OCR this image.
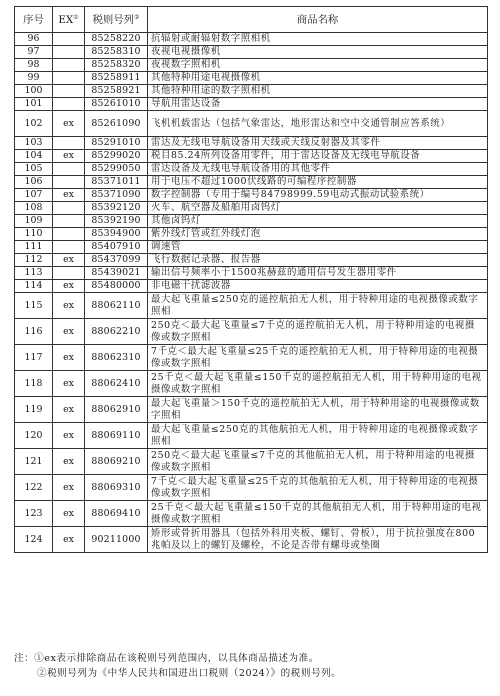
序号	EX①	税则号列②	商品名称
96		85258220	抗辐射或耐辐射数字照相机
97		85258310	夜视电视摄像机
98		85258320	夜视数字照相机
99		85258911	其他特种用途电视摄像机
100		85258921	其他特种用途的数字照相机
101		85261010	导航用雷达设备
102	ex	85261090	飞机机载雷达（包括气象雷达，地形雷达和空中交通管制应答系统）
103		85291010	雷达及无线电导航设备用天线或天线反射器及其零件
104	ex	85299020	税目85.24所列设备用零件，用于雷达设备及无线电导航设备
105		85299050	雷达设备及无线电导航设备用的其他零件
106		85371011	用于电压不超过1000伏线路的可编程序控制器
107	ex	85371090	数字控制器（专用于编号84798999.59电动式振动试验系统）
108		85392120	火车、航空器及船舶用卤钨灯
109		85392190	其他卤钨灯
110		85394900	紫外线灯管或红外线灯泡
111		85407910	调速管
112	ex	85437099	飞行数据记录器、报告器
113		85439021	输出信号频率小于1500兆赫兹的通用信号发生器用零件
114	ex	85480000	非电磁干扰滤波器
115	ex	88062110	最大起飞重量≤250克的遥控航拍无人机，用于特种用途的电视摄像或数字照相
116	ex	88062210	250克＜最大起飞重量≤7千克的遥控航拍无人机，用于特种用途的电视摄像或数字照相
117	ex	88062310	7千克＜最大起飞重量≤25千克的遥控航拍无人机，用于特种用途的电视摄像或数字照相
118	ex	88062410	25千克＜最大起飞重量≤150千克的遥控航拍无人机，用于特种用途的电视摄像或数字照相
119	ex	88062910	最大起飞重量＞150千克的遥控航拍无人机，用于特种用途的电视摄像或数字照相
120	ex	88069110	最大起飞重量≤250克的其他航拍无人机，用于特种用途的电视摄像或数字照相
121	ex	88069210	250克＜最大起飞重量≤7千克的其他航拍无人机，用于特种用途的电视摄像或数字照相
122	ex	88069310	7千克＜最大起飞重量≤25千克的其他航拍无人机，用于特种用途的电视摄像或数字照相
123	ex	88069410	25千克＜最大起飞重量≤150千克的其他航拍无人机，用于特种用途的电视摄像或数字照相
124	ex	90211000	矫形或骨折用器具（包括外科用夹板、螺钉、骨板），用于抗拉强度在800兆帕及以上的螺钉及螺栓，不论是否带有螺母或垫圈
注：①ex表示排除商品在该税则号列范围内，以具体商品描述为准。
②税则号列为《中华人民共和国进出口税则（2024）》的税则号列。
